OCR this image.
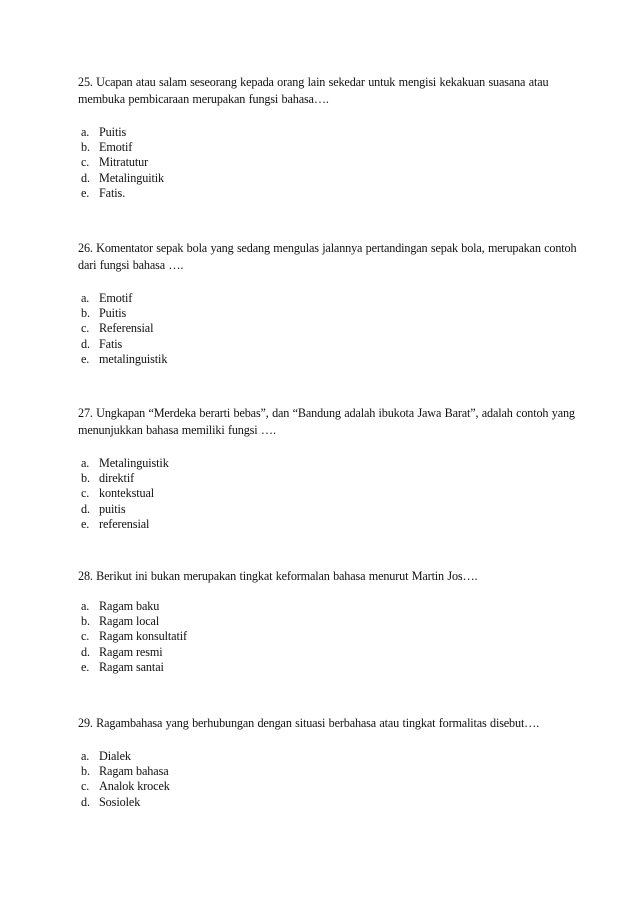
25. Ucapan atau salam seseorang kepada orang lain sekedar untuk mengisi kekakuan suasana atau membuka pembicaraan merupakan fungsi bahasa….

a. Puitis
b. Emotif
c. Mitratutur
d. Metalinguitik
e. Fatis.

26. Komentator sepak bola yang sedang mengulas jalannya pertandingan sepak bola, merupakan contoh dari fungsi bahasa ….

a. Emotif
b. Puitis
c. Referensial
d. Fatis
e. metalinguistik

27. Ungkapan “Merdeka berarti bebas”, dan “Bandung adalah ibukota Jawa Barat”, adalah contoh yang menunjukkan bahasa memiliki fungsi ….

a. Metalinguistik
b. direktif
c. kontekstual
d. puitis
e. referensial

28. Berikut ini bukan merupakan tingkat keformalan bahasa menurut Martin Jos….

a. Ragam baku
b. Ragam local
c. Ragam konsultatif
d. Ragam resmi
e. Ragam santai

29. Ragambahasa yang berhubungan dengan situasi berbahasa atau tingkat formalitas disebut….

a. Dialek
b. Ragam bahasa
c. Analok krocek
d. Sosiolek
